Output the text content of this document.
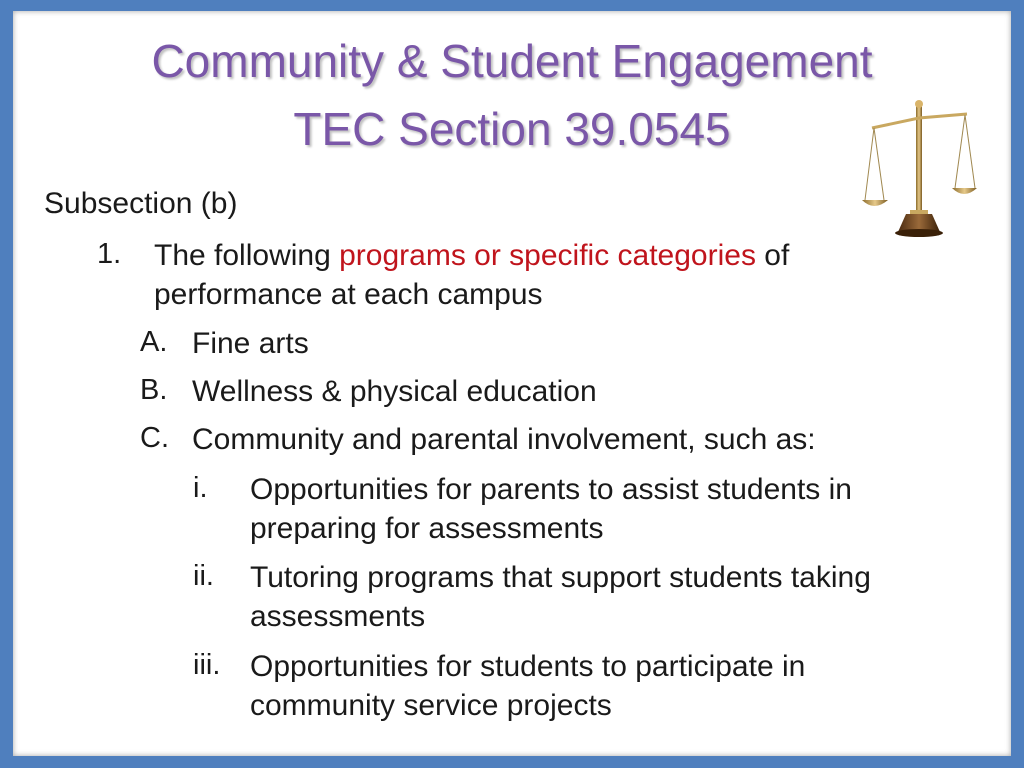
Community & Student Engagement
TEC Section 39.0545
Subsection (b)
1. The following programs or specific categories of
performance at each campus
A. Fine arts
B. Wellness & physical education
C. Community and parental involvement, such as:
i. Opportunities for parents to assist students in
preparing for assessments
ii. Tutoring programs that support students taking
assessments
iii. Opportunities for students to participate in
community service projects
